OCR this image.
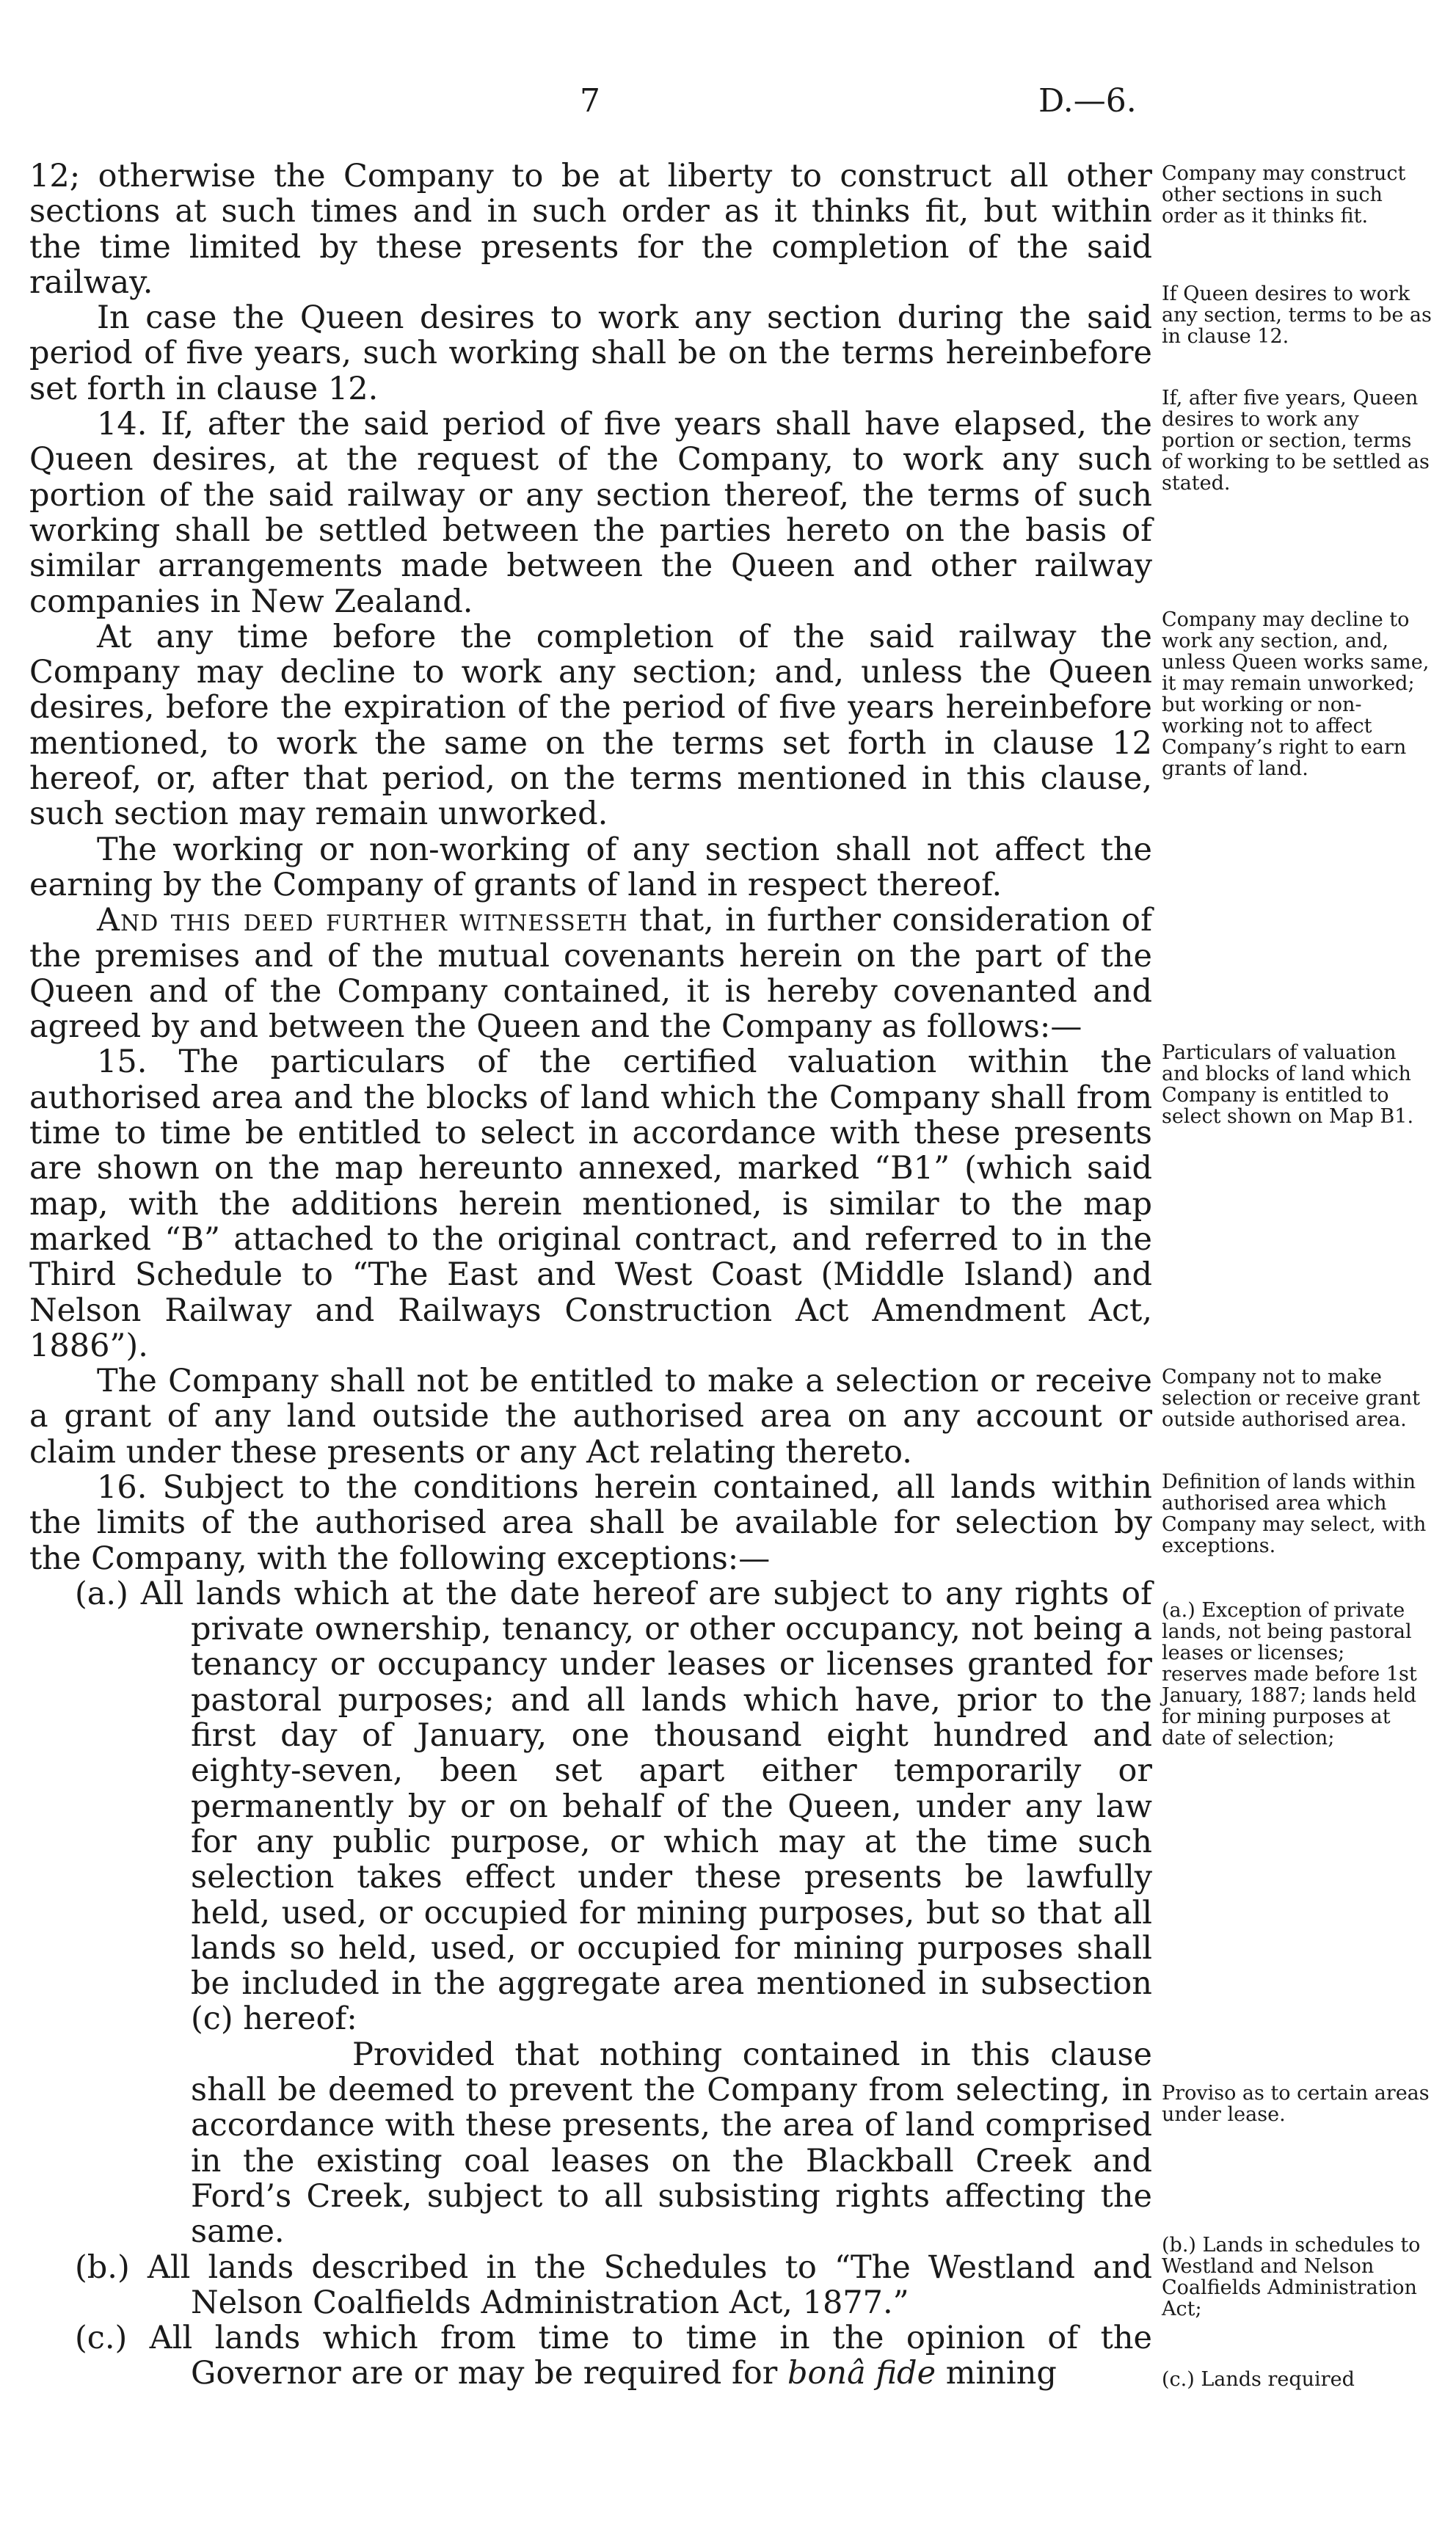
7	D.—6.

12; otherwise the Company to be at liberty to construct all other sections at such times and in such order as it thinks fit, but within the time limited by these presents for the completion of the said railway.

In case the Queen desires to work any section during the said period of five years, such working shall be on the terms hereinbefore set forth in clause 12.

14. If, after the said period of five years shall have elapsed, the Queen desires, at the request of the Company, to work any such portion of the said railway or any section thereof, the terms of such working shall be settled between the parties hereto on the basis of similar arrangements made between the Queen and other railway companies in New Zealand.

At any time before the completion of the said railway the Company may decline to work any section; and, unless the Queen desires, before the expiration of the period of five years hereinbefore mentioned, to work the same on the terms set forth in clause 12 hereof, or, after that period, on the terms mentioned in this clause, such section may remain unworked.

The working or non-working of any section shall not affect the earning by the Company of grants of land in respect thereof.

And this deed further witnesseth that, in further consideration of the premises and of the mutual covenants herein on the part of the Queen and of the Company contained, it is hereby covenanted and agreed by and between the Queen and the Company as follows:—

15. The particulars of the certified valuation within the authorised area and the blocks of land which the Company shall from time to time be entitled to select in accordance with these presents are shown on the map hereunto annexed, marked “B1” (which said map, with the additions herein mentioned, is similar to the map marked “B” attached to the original contract, and referred to in the Third Schedule to “The East and West Coast (Middle Island) and Nelson Railway and Railways Construction Act Amendment Act, 1886”).

The Company shall not be entitled to make a selection or receive a grant of any land outside the authorised area on any account or claim under these presents or any Act relating thereto.

16. Subject to the conditions herein contained, all lands within the limits of the authorised area shall be available for selection by the Company, with the following exceptions:—

(a.) All lands which at the date hereof are subject to any rights of private ownership, tenancy, or other occupancy, not being a tenancy or occupancy under leases or licenses granted for pastoral purposes; and all lands which have, prior to the first day of January, one thousand eight hundred and eighty-seven, been set apart either temporarily or permanently by or on behalf of the Queen, under any law for any public purpose, or which may at the time such selection takes effect under these presents be lawfully held, used, or occupied for mining purposes, but so that all lands so held, used, or occupied for mining purposes shall be included in the aggregate area mentioned in subsection (c) hereof:

Provided that nothing contained in this clause shall be deemed to prevent the Company from selecting, in accordance with these presents, the area of land comprised in the existing coal leases on the Blackball Creek and Ford’s Creek, subject to all subsisting rights affecting the same.

(b.) All lands described in the Schedules to “The Westland and Nelson Coalfields Administration Act, 1877.”

(c.) All lands which from time to time in the opinion of the Governor are or may be required for bonâ fide mining

Company may construct other sections in such order as it thinks fit.
If Queen desires to work any section, terms to be as in clause 12.
If, after five years, Queen desires to work any portion or section, terms of working to be settled as stated.
Company may decline to work any section, and, unless Queen works same, it may remain unworked; but working or non-working not to affect Company’s right to earn grants of land.
Particulars of valuation and blocks of land which Company is entitled to select shown on Map B1.
Company not to make selection or receive grant outside authorised area.
Definition of lands within authorised area which Company may select, with exceptions.
(a.) Exception of private lands, not being pastoral leases or licenses; reserves made before 1st January, 1887; lands held for mining purposes at date of selection;
Proviso as to certain areas under lease.
(b.) Lands in schedules to Westland and Nelson Coalfields Administration Act;
(c.) Lands required
